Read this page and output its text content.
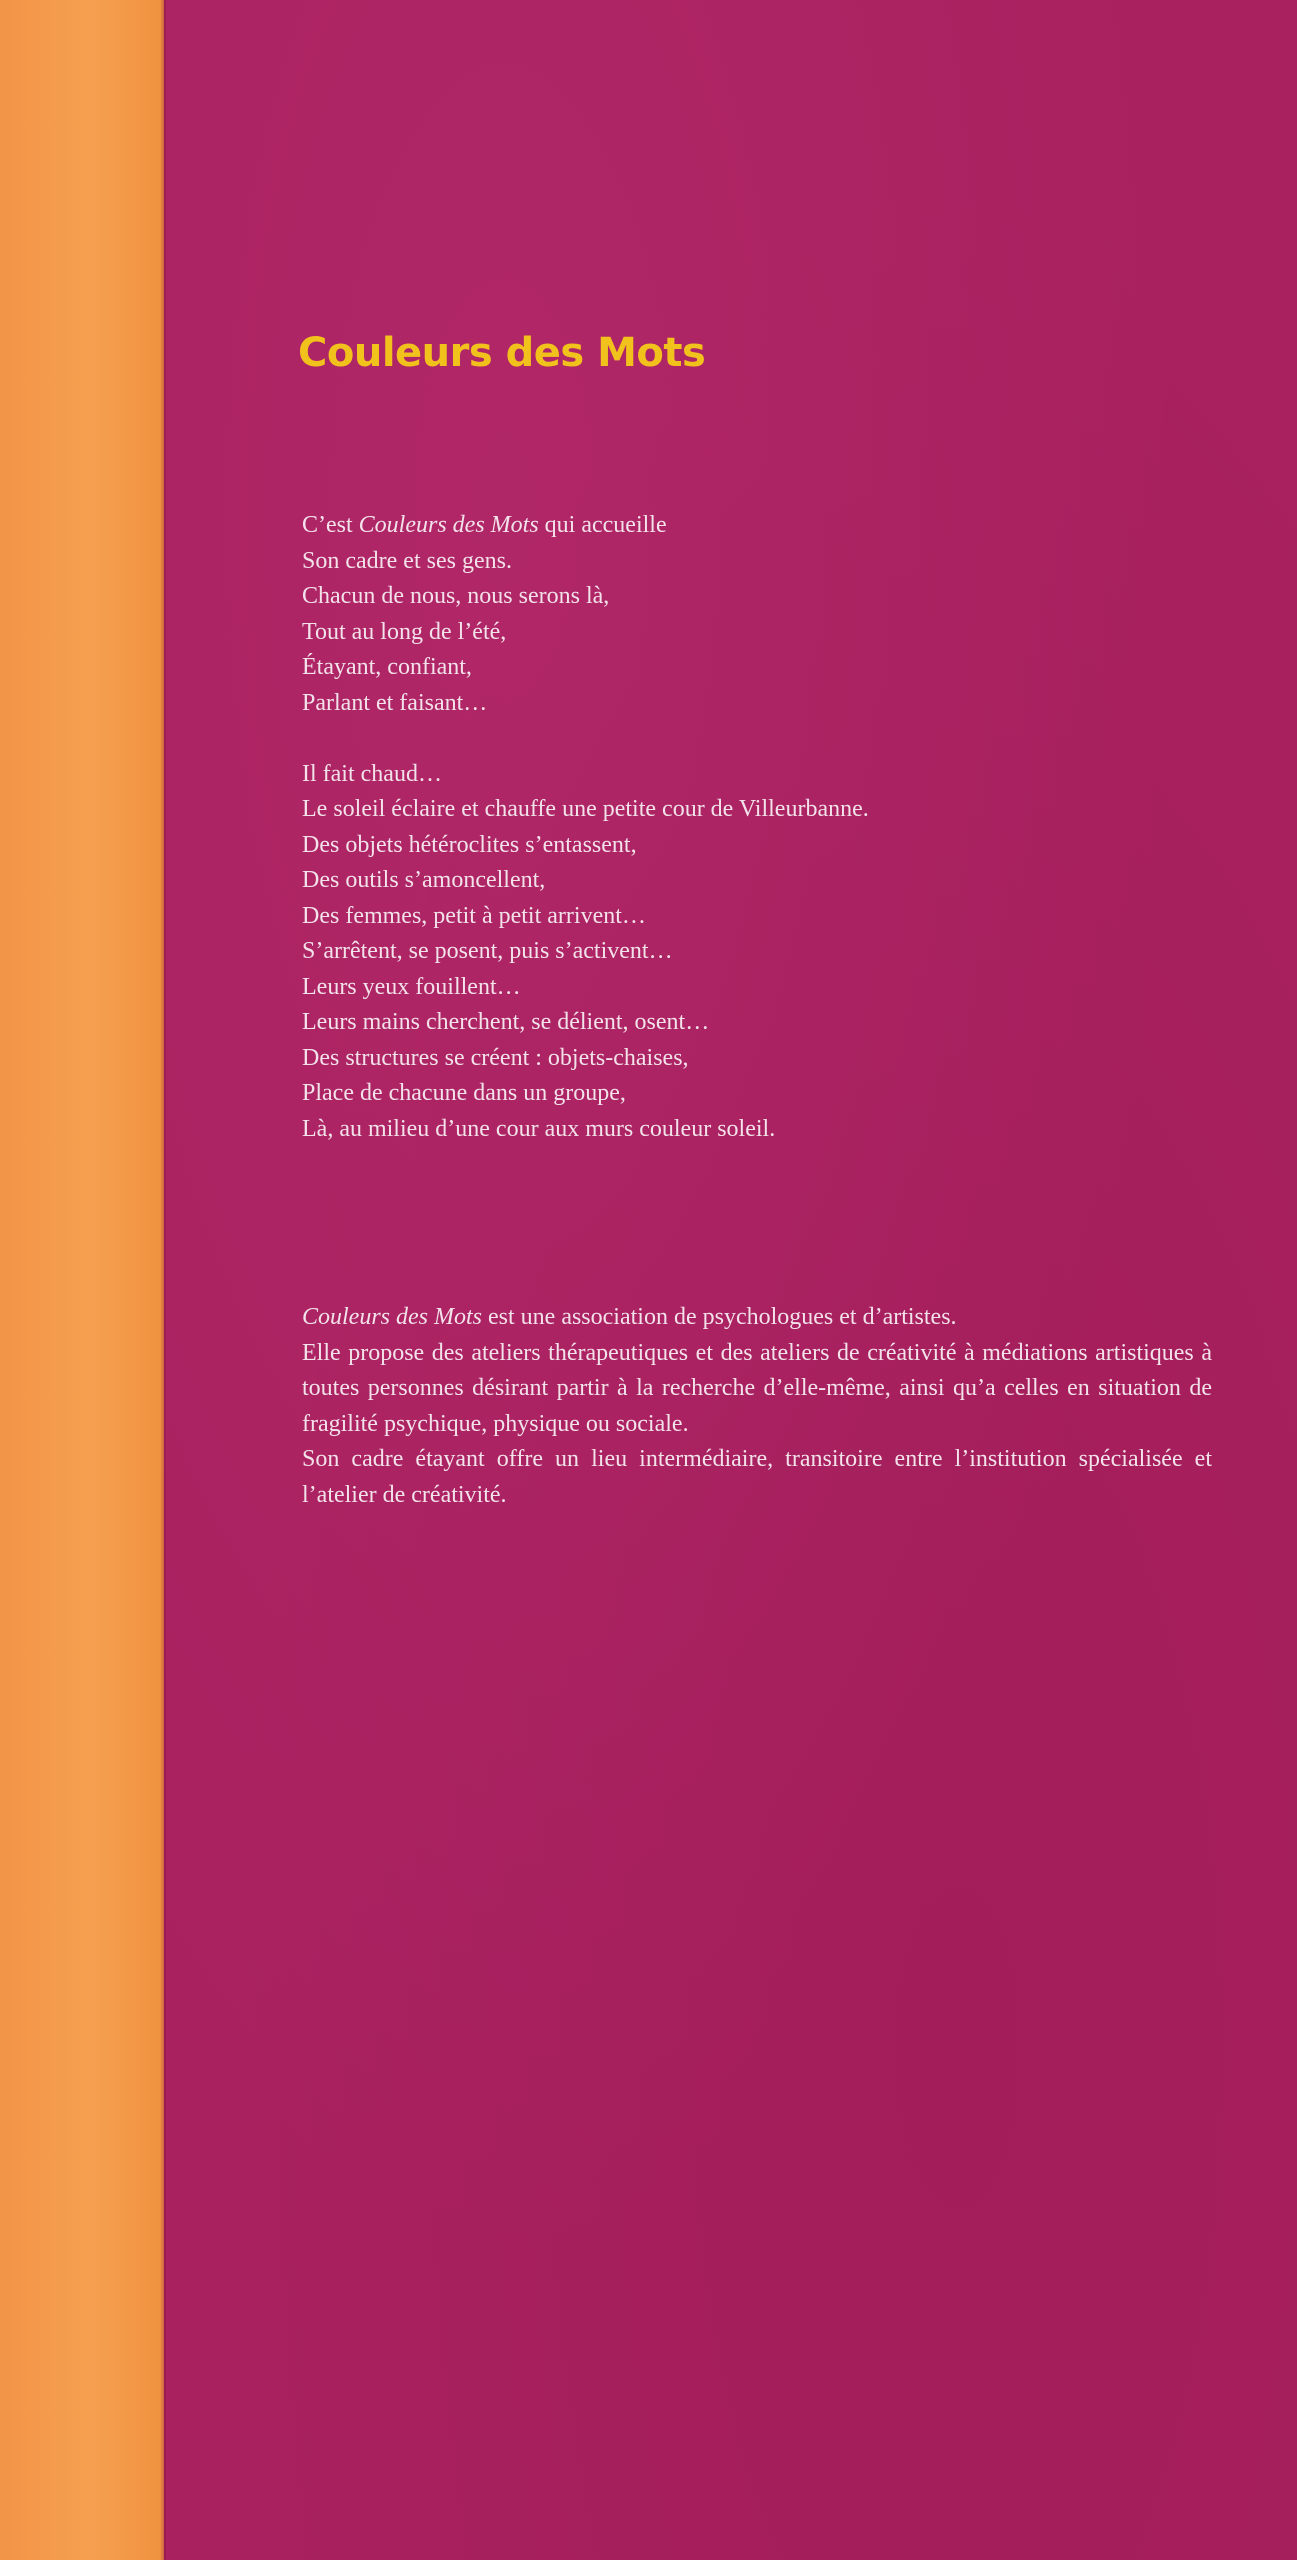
Couleurs des Mots
C’est Couleurs des Mots qui accueille
Son cadre et ses gens.
Chacun de nous, nous serons là,
Tout au long de l’été,
Étayant, confiant,
Parlant et faisant…
Il fait chaud…
Le soleil éclaire et chauffe une petite cour de Villeurbanne.
Des objets hétéroclites s’entassent,
Des outils s’amoncellent,
Des femmes, petit à petit arrivent…
S’arrêtent, se posent, puis s’activent…
Leurs yeux fouillent…
Leurs mains cherchent, se délient, osent…
Des structures se créent : objets-chaises,
Place de chacune dans un groupe,
Là, au milieu d’une cour aux murs couleur soleil.

Couleurs des Mots est une association de psychologues et d’artistes.

Elle propose des ateliers thérapeutiques et des ateliers de créativité à médiations artistiques à toutes personnes désirant partir à la recherche d’elle-même, ainsi qu’a celles en situation de fragilité psychique, physique ou sociale.

Son cadre étayant offre un lieu intermédiaire, transitoire entre l’institution spécialisée et l’atelier de créativité.
